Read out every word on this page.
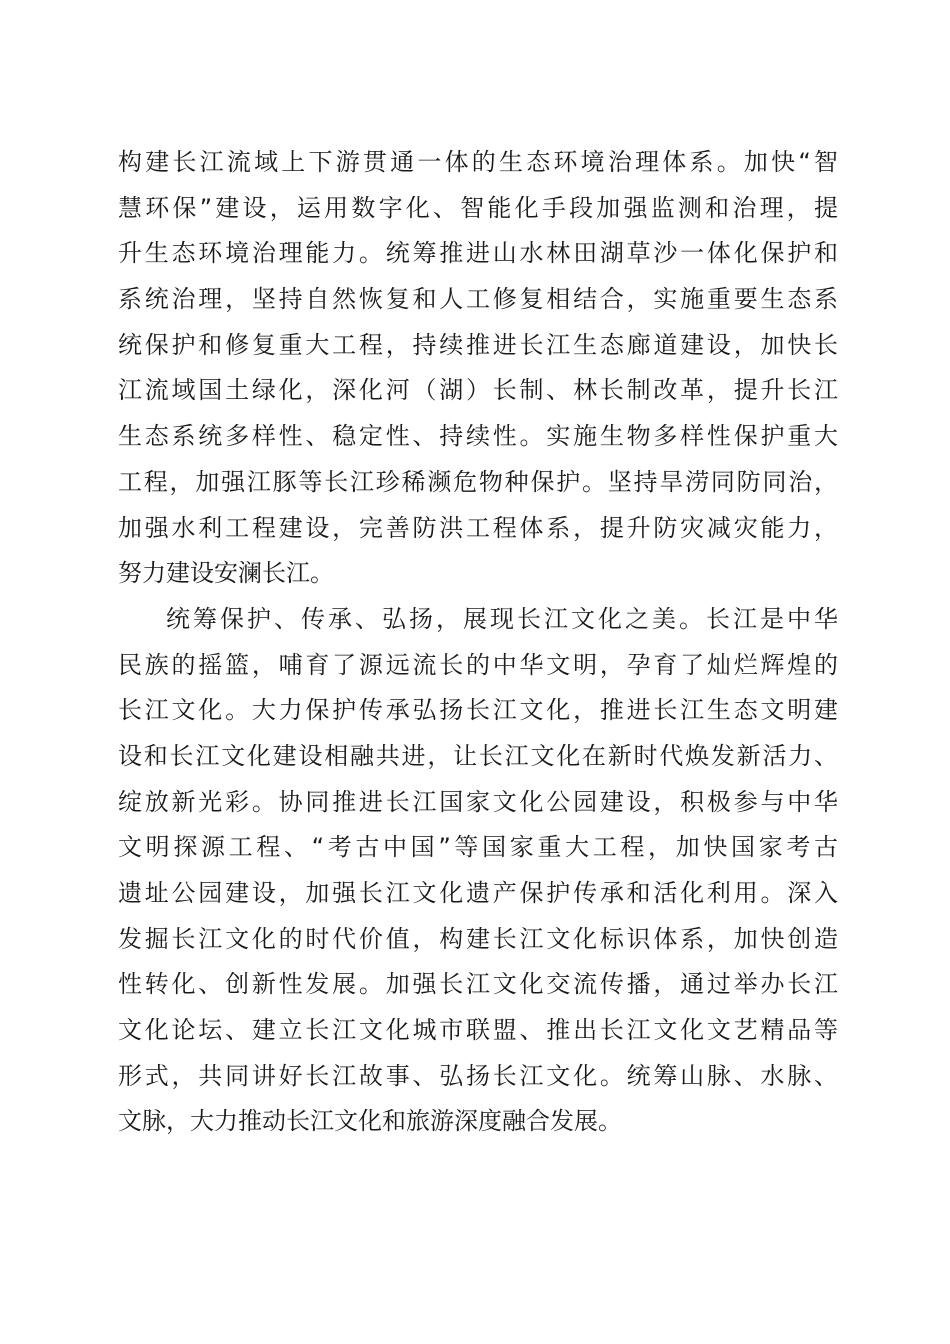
构建长江流域上下游贯通一体的生态环境治理体系。加快“智
慧环保”建设，运用数字化、智能化手段加强监测和治理，提
升生态环境治理能力。统筹推进山水林田湖草沙一体化保护和
系统治理，坚持自然恢复和人工修复相结合，实施重要生态系
统保护和修复重大工程，持续推进长江生态廊道建设，加快长
江流域国土绿化，深化河（湖）长制、林长制改革，提升长江
生态系统多样性、稳定性、持续性。实施生物多样性保护重大
工程，加强江豚等长江珍稀濒危物种保护。坚持旱涝同防同治，
加强水利工程建设，完善防洪工程体系，提升防灾减灾能力，
努力建设安澜长江。
统筹保护、传承、弘扬，展现长江文化之美。长江是中华
民族的摇篮，哺育了源远流长的中华文明，孕育了灿烂辉煌的
长江文化。大力保护传承弘扬长江文化，推进长江生态文明建
设和长江文化建设相融共进，让长江文化在新时代焕发新活力、
绽放新光彩。协同推进长江国家文化公园建设，积极参与中华
文明探源工程、“考古中国”等国家重大工程，加快国家考古
遗址公园建设，加强长江文化遗产保护传承和活化利用。深入
发掘长江文化的时代价值，构建长江文化标识体系，加快创造
性转化、创新性发展。加强长江文化交流传播，通过举办长江
文化论坛、建立长江文化城市联盟、推出长江文化文艺精品等
形式，共同讲好长江故事、弘扬长江文化。统筹山脉、水脉、
文脉，大力推动长江文化和旅游深度融合发展。
